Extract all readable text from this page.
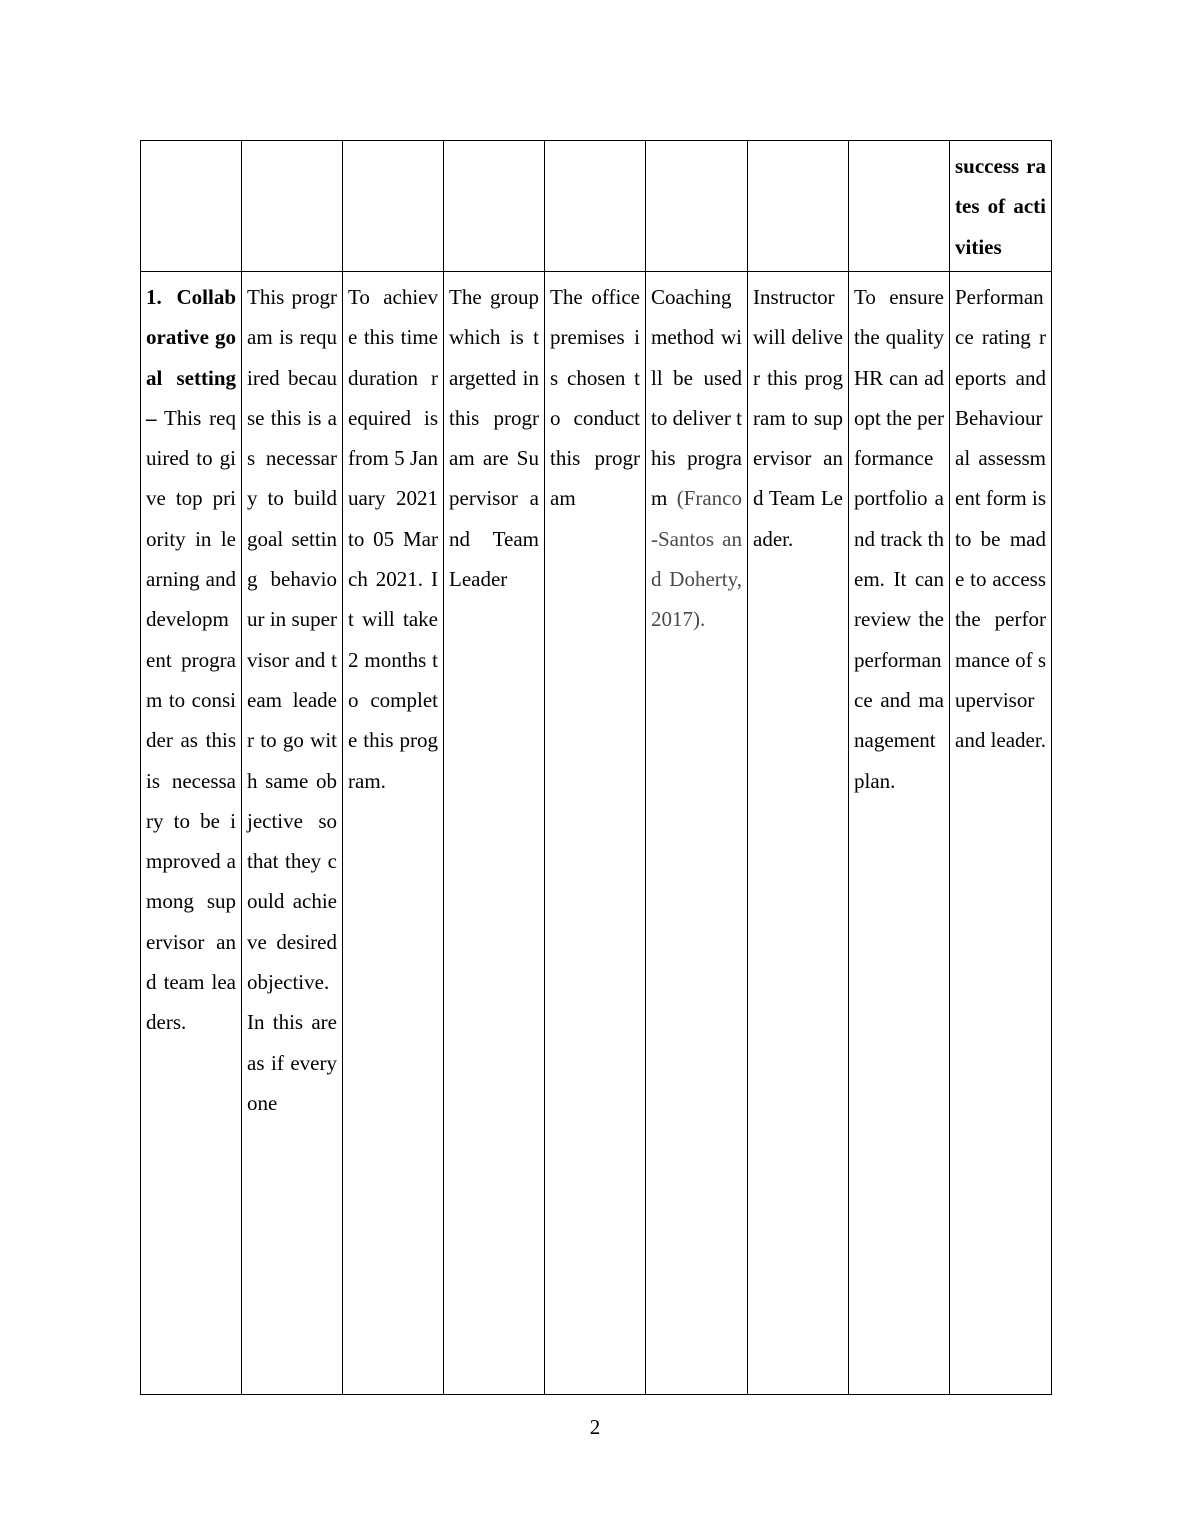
								success rates of activities
1. Collaborative goal setting – This required to give top priority in learning and development program to consider as this is necessary to be improved among supervisor and team leaders.	This program is required because this is as necessary to build goal setting behaviour in supervisor and team leader to go with same objective so that they could achieve desired objective. In this areas if everyone	To achieve this time duration required is from 5 January 2021 to 05 March 2021. It will take 2 months to complete this program.	The group which is targetted in this program are Supervisor and Team Leader	The office premises is chosen to conduct this program	Coaching method will be used to deliver this program (Franco-Santos and Doherty, 2017).	Instructor will deliver this program to supervisor and Team Leader.	To ensure the quality HR can adopt the performance portfolio and track them. It can review the performance and management plan.	Performance rating reports and Behavioural assessment form is to be made to access the performance of supervisor and leader.
2
